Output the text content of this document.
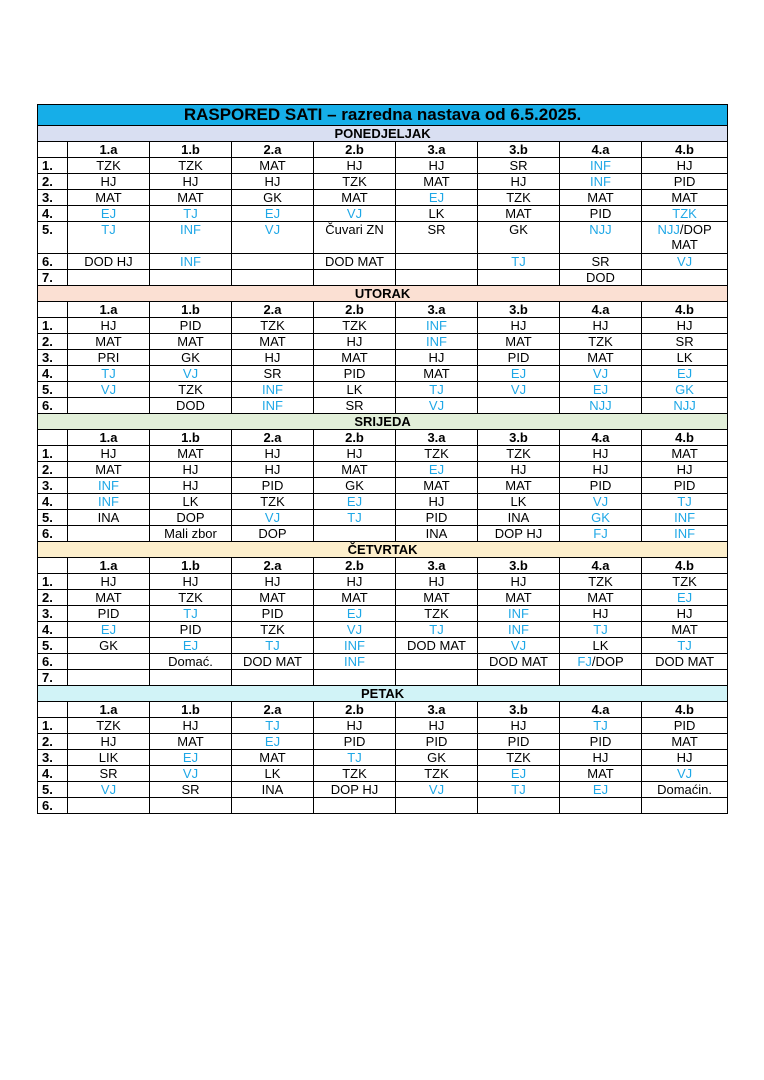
RASPORED SATI – razredna nastava od 6.5.2025.								
PONEDJELJAK								
	1.a	1.b	2.a	2.b	3.a	3.b	4.a	4.b
1.	TZK	TZK	MAT	HJ	HJ	SR	INF	HJ
2.	HJ	HJ	HJ	TZK	MAT	HJ	INF	PID
3.	MAT	MAT	GK	MAT	EJ	TZK	MAT	MAT
4.	EJ	TJ	EJ	VJ	LK	MAT	PID	TZK
5.	TJ	INF	VJ	Čuvari ZN	SR	GK	NJJ	NJJ/DOP MAT
6.	DOD HJ	INF		DOD MAT		TJ	SR	VJ
7.							DOD	
UTORAK								
	1.a	1.b	2.a	2.b	3.a	3.b	4.a	4.b
1.	HJ	PID	TZK	TZK	INF	HJ	HJ	HJ
2.	MAT	MAT	MAT	HJ	INF	MAT	TZK	SR
3.	PRI	GK	HJ	MAT	HJ	PID	MAT	LK
4.	TJ	VJ	SR	PID	MAT	EJ	VJ	EJ
5.	VJ	TZK	INF	LK	TJ	VJ	EJ	GK
6.		DOD	INF	SR	VJ		NJJ	NJJ
SRIJEDA								
	1.a	1.b	2.a	2.b	3.a	3.b	4.a	4.b
1.	HJ	MAT	HJ	HJ	TZK	TZK	HJ	MAT
2.	MAT	HJ	HJ	MAT	EJ	HJ	HJ	HJ
3.	INF	HJ	PID	GK	MAT	MAT	PID	PID
4.	INF	LK	TZK	EJ	HJ	LK	VJ	TJ
5.	INA	DOP	VJ	TJ	PID	INA	GK	INF
6.		Mali zbor	DOP		INA	DOP HJ	FJ	INF
ČETVRTAK								
	1.a	1.b	2.a	2.b	3.a	3.b	4.a	4.b
1.	HJ	HJ	HJ	HJ	HJ	HJ	TZK	TZK
2.	MAT	TZK	MAT	MAT	MAT	MAT	MAT	EJ
3.	PID	TJ	PID	EJ	TZK	INF	HJ	HJ
4.	EJ	PID	TZK	VJ	TJ	INF	TJ	MAT
5.	GK	EJ	TJ	INF	DOD MAT	VJ	LK	TJ
6.		Domać.	DOD MAT	INF		DOD MAT	FJ/DOP	DOD MAT
7.								
PETAK								
	1.a	1.b	2.a	2.b	3.a	3.b	4.a	4.b
1.	TZK	HJ	TJ	HJ	HJ	HJ	TJ	PID
2.	HJ	MAT	EJ	PID	PID	PID	PID	MAT
3.	LIK	EJ	MAT	TJ	GK	TZK	HJ	HJ
4.	SR	VJ	LK	TZK	TZK	EJ	MAT	VJ
5.	VJ	SR	INA	DOP HJ	VJ	TJ	EJ	Domaćin.
6.								
